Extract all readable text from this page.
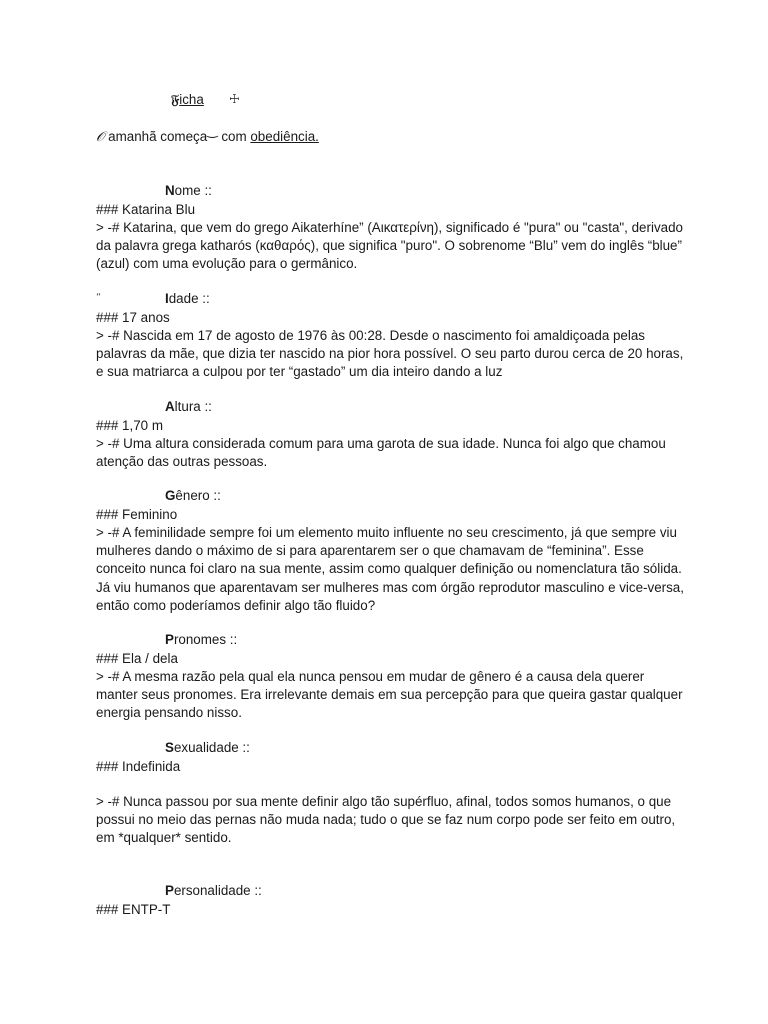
𝔉icha ☩
𝒪 amanhã começa‿ com obediência.
Nome ::
### Katarina Blu
> -# Katarina, que vem do grego Aikaterhíne” (Αικατερίνη), significado é "pura" ou "casta", derivado da palavra grega katharós (καθαρός), que significa "puro". O sobrenome “Blu” vem do inglês “blue” (azul) com uma evolução para o germânico.
“	Idade ::
### 17 anos
> -# Nascida em 17 de agosto de 1976 às 00:28. Desde o nascimento foi amaldiçoada pelas palavras da mãe, que dizia ter nascido na pior hora possível. O seu parto durou cerca de 20 horas, e sua matriarca a culpou por ter “gastado” um dia inteiro dando a luz
Altura ::
### 1,70 m
> -# Uma altura considerada comum para uma garota de sua idade. Nunca foi algo que chamou atenção das outras pessoas.
Gênero ::
### Feminino
> -# A feminilidade sempre foi um elemento muito influente no seu crescimento, já que sempre viu mulheres dando o máximo de si para aparentarem ser o que chamavam de “feminina”. Esse conceito nunca foi claro na sua mente, assim como qualquer definição ou nomenclatura tão sólida. Já viu humanos que aparentavam ser mulheres mas com órgão reprodutor masculino e vice-versa, então como poderíamos definir algo tão fluido?
Pronomes ::
### Ela / dela
> -# A mesma razão pela qual ela nunca pensou em mudar de gênero é a causa dela querer manter seus pronomes. Era irrelevante demais em sua percepção para que queira gastar qualquer energia pensando nisso.
Sexualidade ::
### Indefinida
> -# Nunca passou por sua mente definir algo tão supérfluo, afinal, todos somos humanos, o que possui no meio das pernas não muda nada; tudo o que se faz num corpo pode ser feito em outro, em *qualquer* sentido.
Personalidade ::
### ENTP-T
